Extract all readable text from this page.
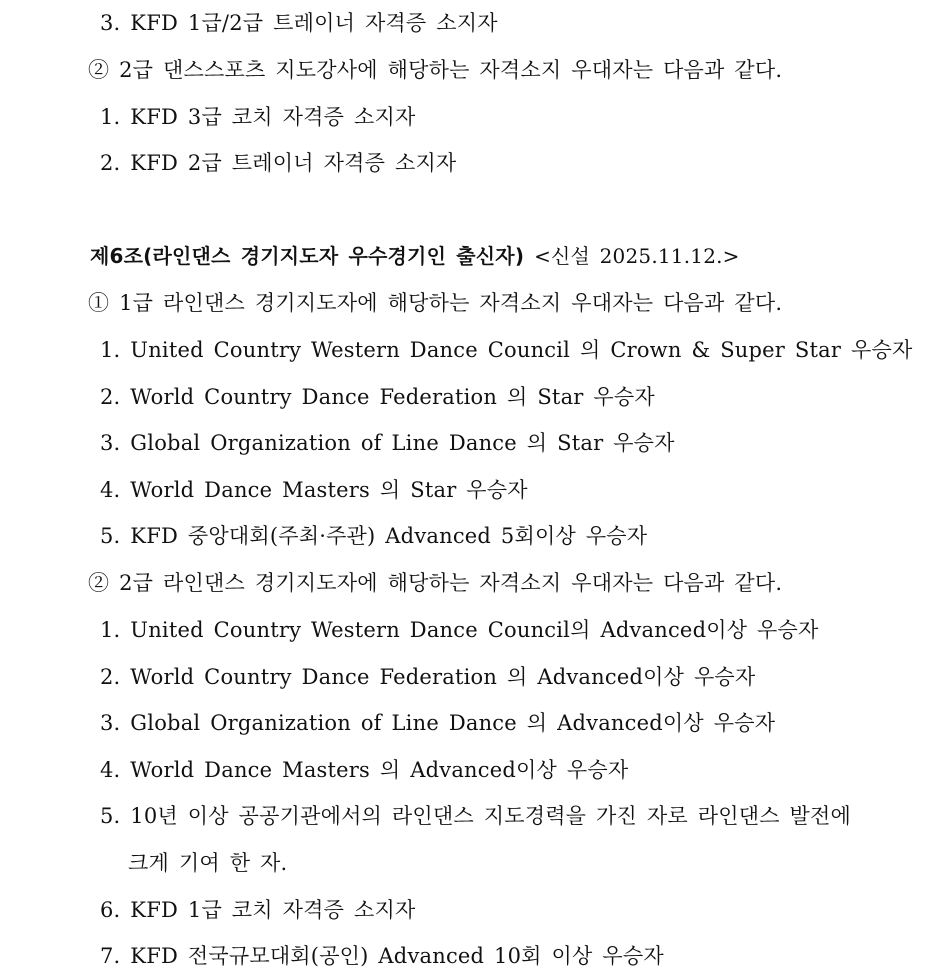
3. KFD 1급/2급 트레이너 자격증 소지자
② 2급 댄스스포츠 지도강사에 해당하는 자격소지 우대자는 다음과 같다.
1. KFD 3급 코치 자격증 소지자
2. KFD 2급 트레이너 자격증 소지자
제6조(라인댄스 경기지도자 우수경기인 출신자) <신설 2025.11.12.>
① 1급 라인댄스 경기지도자에 해당하는 자격소지 우대자는 다음과 같다.
1. United Country Western Dance Council 의 Crown & Super Star 우승자
2. World Country Dance Federation 의 Star 우승자
3. Global Organization of Line Dance 의 Star 우승자
4. World Dance Masters 의 Star 우승자
5. KFD 중앙대회(주최·주관) Advanced 5회이상 우승자
② 2급 라인댄스 경기지도자에 해당하는 자격소지 우대자는 다음과 같다.
1. United Country Western Dance Council의 Advanced이상 우승자
2. World Country Dance Federation 의 Advanced이상 우승자
3. Global Organization of Line Dance 의 Advanced이상 우승자
4. World Dance Masters 의 Advanced이상 우승자
5. 10년 이상 공공기관에서의 라인댄스 지도경력을 가진 자로 라인댄스 발전에
크게 기여 한 자.
6. KFD 1급 코치 자격증 소지자
7. KFD 전국규모대회(공인) Advanced 10회 이상 우승자
